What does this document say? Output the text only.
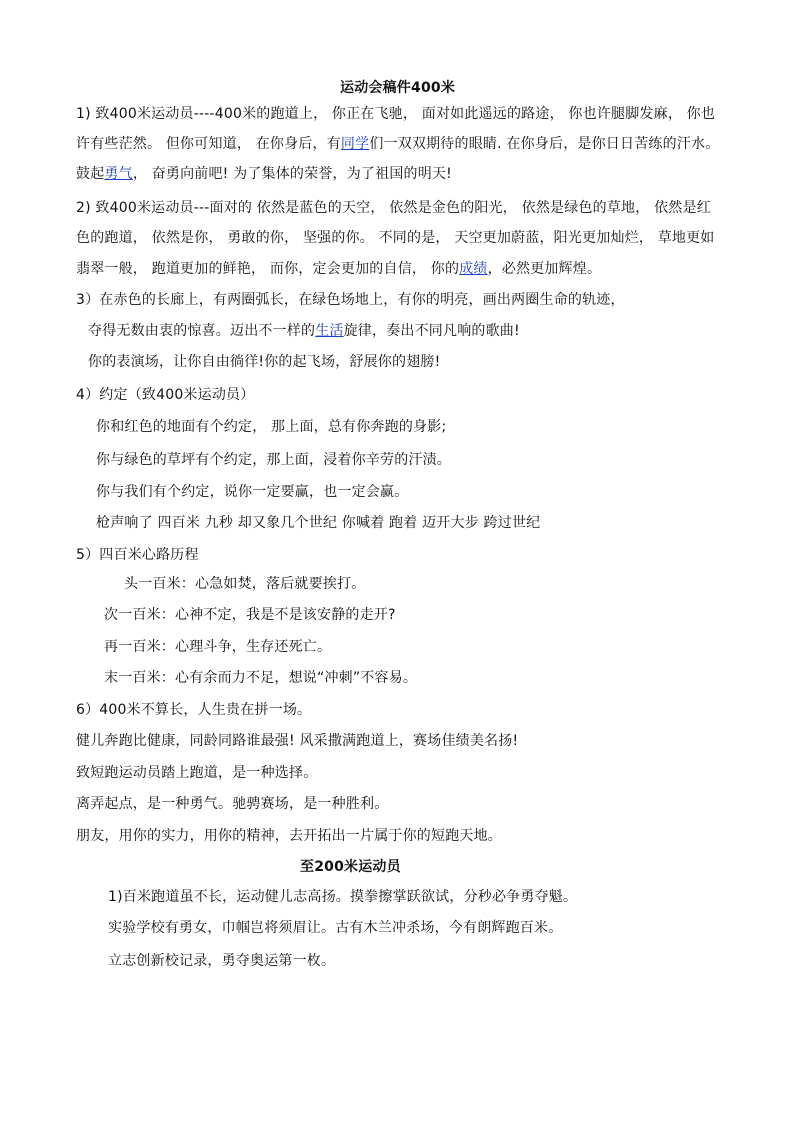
运动会稿件400米
1) 致400米运动员----400米的跑道上， 你正在飞驰， 面对如此遥远的路途， 你也许腿脚发麻， 你也
许有些茫然。 但你可知道， 在你身后，有同学们一双双期待的眼睛. 在你身后，是你日日苦练的汗水。
鼓起勇气， 奋勇向前吧! 为了集体的荣誉，为了祖国的明天!
2) 致400米运动员---面对的 依然是蓝色的天空， 依然是金色的阳光， 依然是绿色的草地， 依然是红
色的跑道， 依然是你， 勇敢的你， 坚强的你。 不同的是， 天空更加蔚蓝，阳光更加灿烂， 草地更如
翡翠一般， 跑道更加的鲜艳， 而你，定会更加的自信， 你的成绩，必然更加辉煌。
3）在赤色的长廊上，有两圈弧长，在绿色场地上，有你的明亮，画出两圈生命的轨迹，
夺得无数由衷的惊喜。迈出不一样的生活旋律，奏出不同凡响的歌曲!
你的表演场，让你自由徜徉!你的起飞场，舒展你的翅膀!
4）约定（致400米运动员）
你和红色的地面有个约定， 那上面，总有你奔跑的身影;
你与绿色的草坪有个约定，那上面，浸着你辛劳的汗渍。
你与我们有个约定，说你一定要赢，也一定会赢。
枪声响了 四百米 九秒 却又象几个世纪 你喊着 跑着 迈开大步 跨过世纪
5）四百米心路历程
头一百米：心急如焚，落后就要挨打。
次一百米：心神不定，我是不是该安静的走开?
再一百米：心理斗争，生存还死亡。
末一百米：心有余而力不足，想说“冲刺”不容易。
6）400米不算长，人生贵在拼一场。
健儿奔跑比健康，同龄同路谁最强! 风采撒满跑道上，赛场佳绩美名扬!
致短跑运动员踏上跑道，是一种选择。
离弄起点，是一种勇气。驰骋赛场，是一种胜利。
朋友，用你的实力，用你的精神，去开拓出一片属于你的短跑天地。
至200米运动员
1)百米跑道虽不长，运动健儿志高扬。摸拳擦掌跃欲试，分秒必争勇夺魁。
实验学校有勇女，巾帼岂将须眉让。古有木兰冲杀场，今有朗辉跑百米。
立志创新校记录，勇夺奥运第一枚。
